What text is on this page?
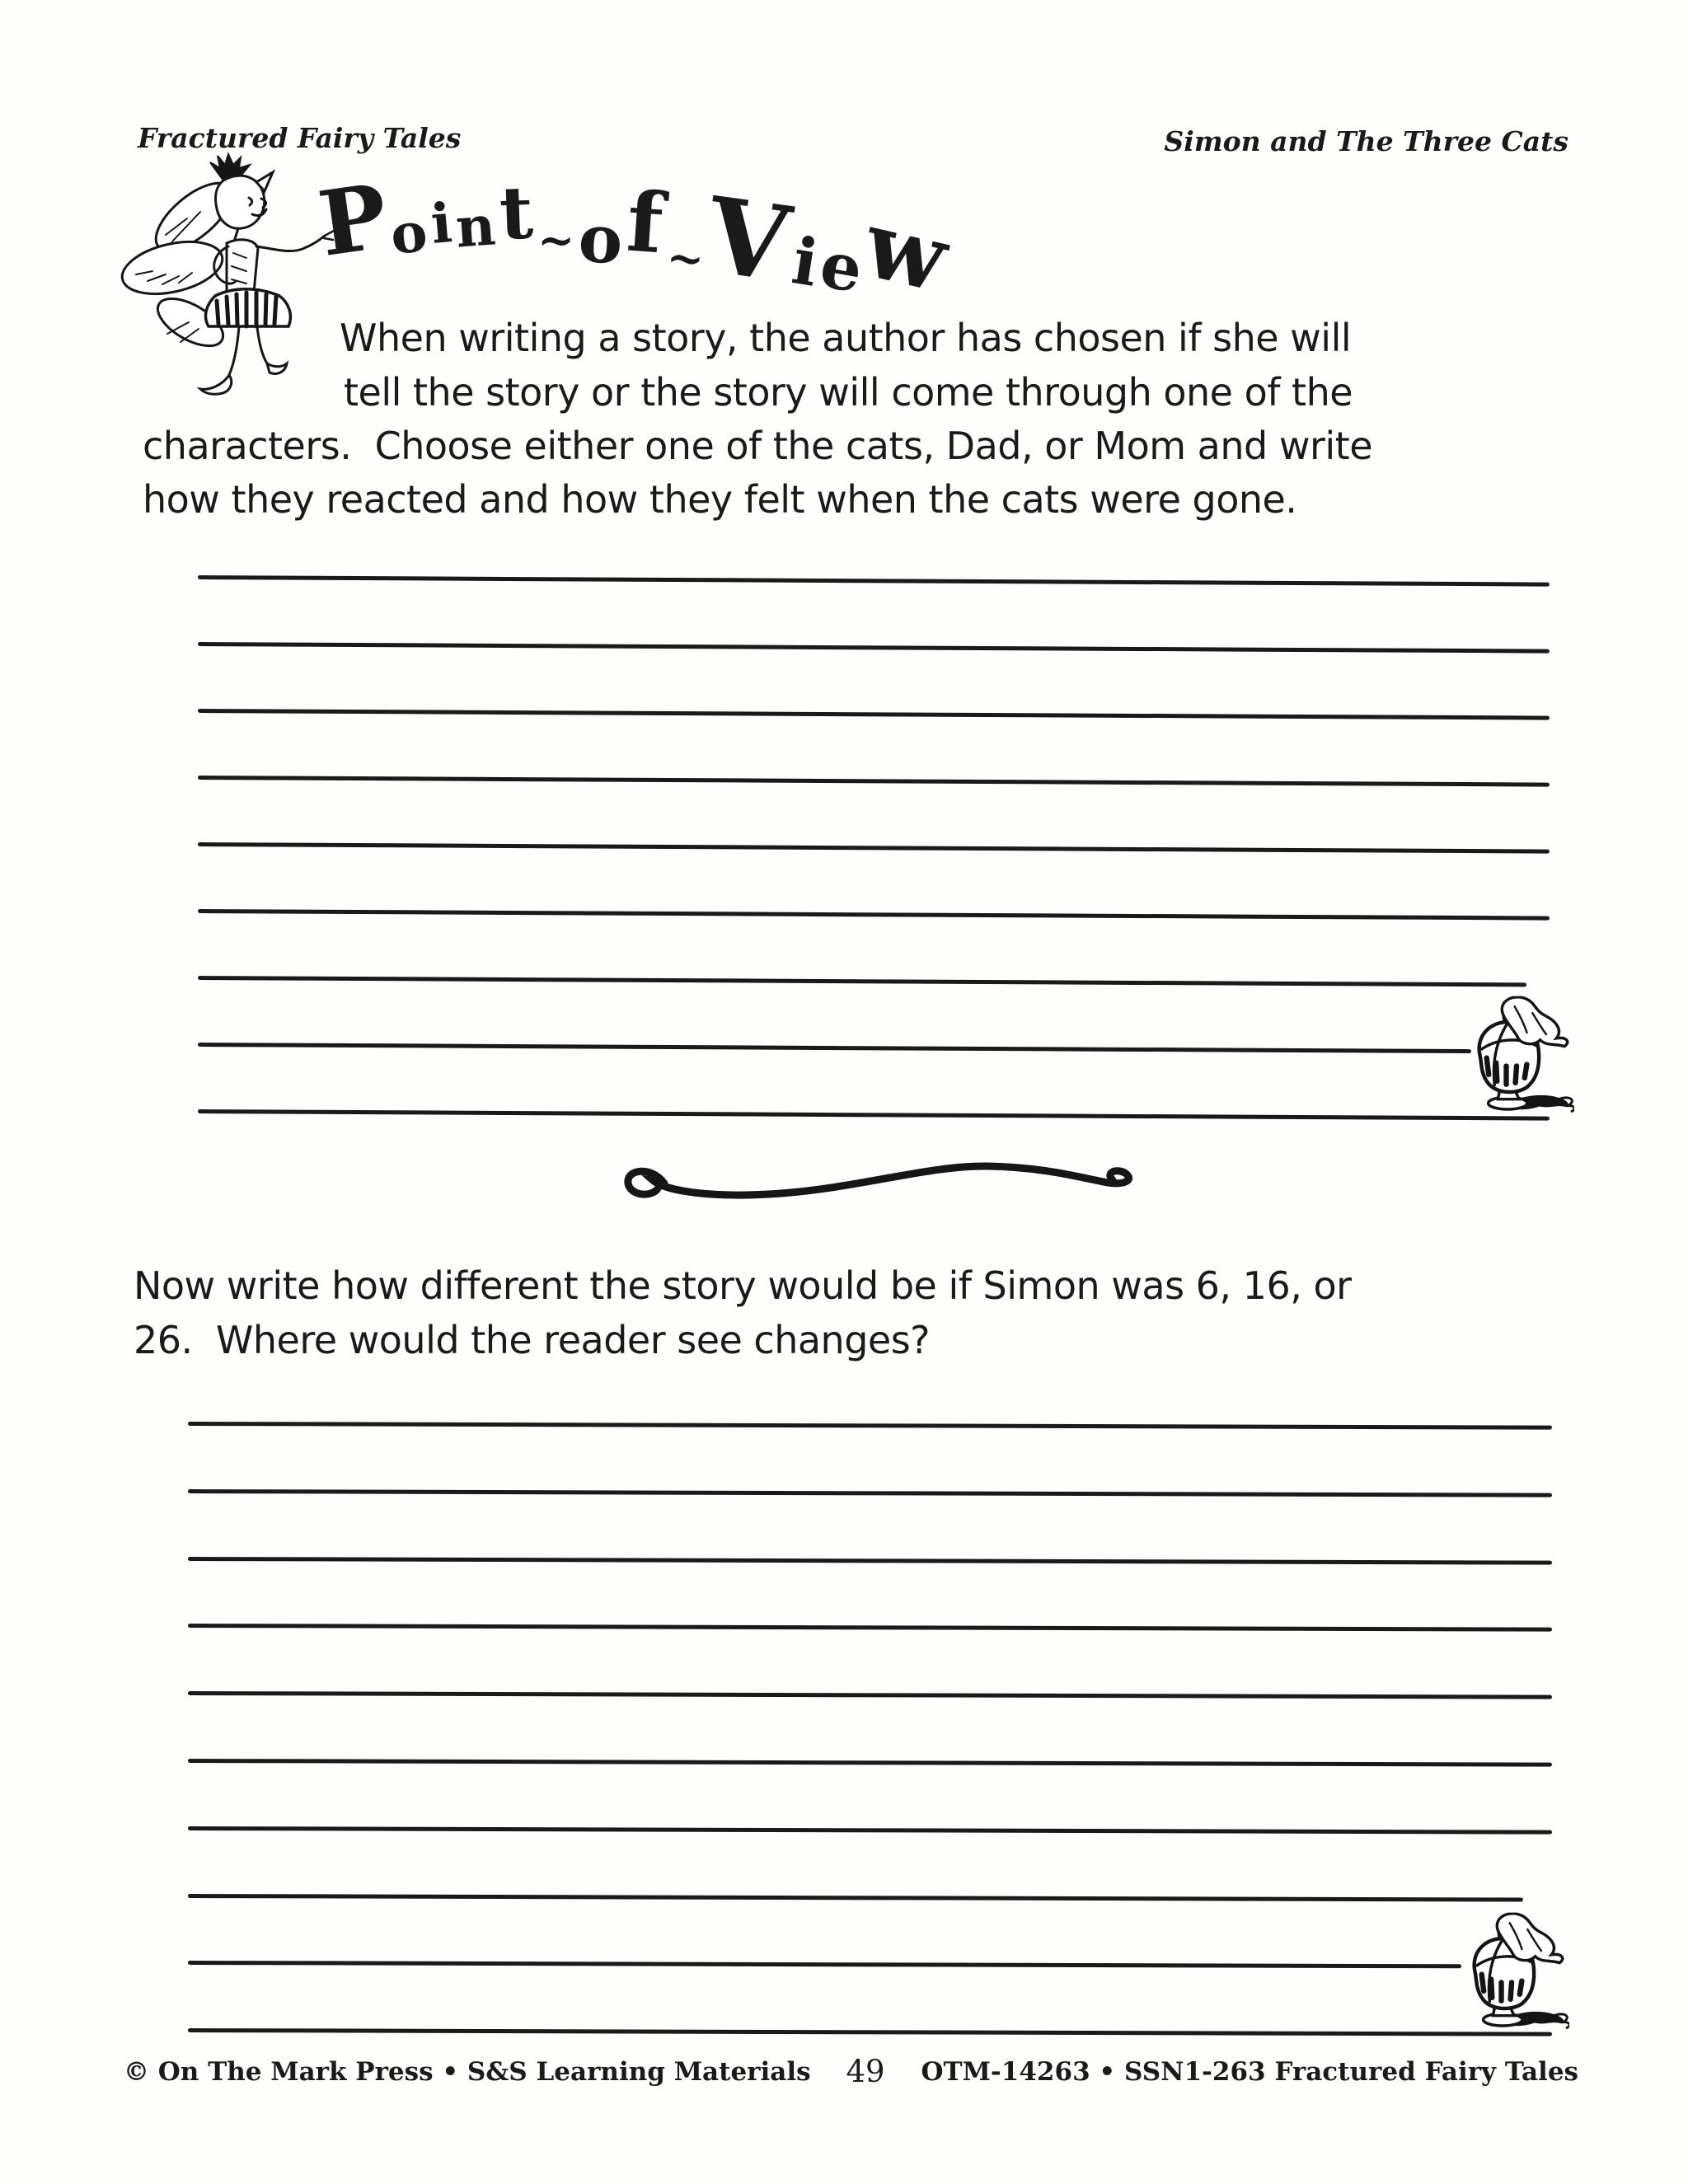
Fractured Fairy Tales	Simon and The Three Cats
P
o
i
n t ~ o
f
~
V
i
e
w
When writing a story, the author has chosen if she will
tell the story or the story will come through one of the
characters.  Choose either one of the cats, Dad, or Mom and write
how they reacted and how they felt when the cats were gone.
Now write how different the story would be if Simon was 6, 16, or
26.  Where would the reader see changes?
© On The Mark Press • S&S Learning Materials	49	OTM-14263 • SSN1-263 Fractured Fairy Tales
